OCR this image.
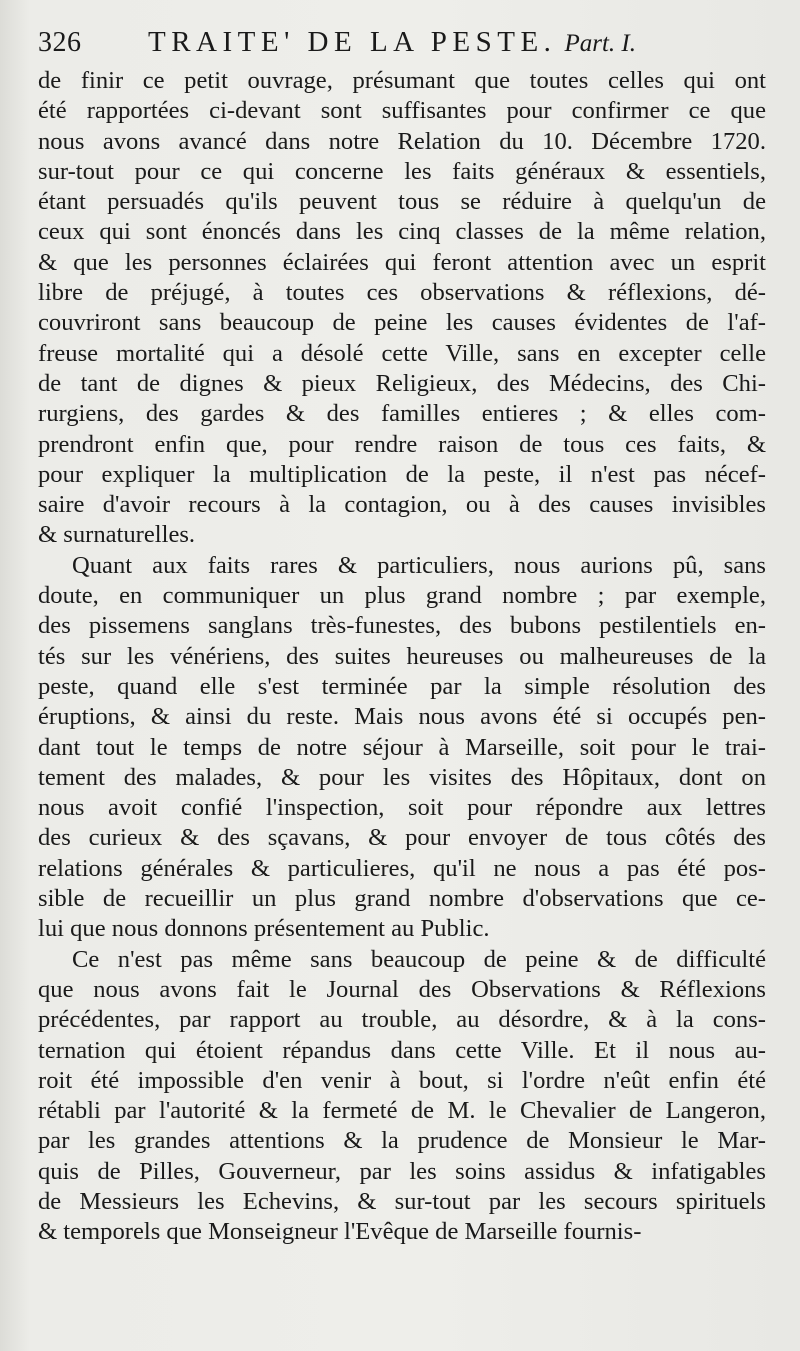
326	TRAITE' DE LA PESTE. Part. I.
de finir ce petit ouvrage, présumant que toutes celles qui ont
été rapportées ci-devant sont suffisantes pour confirmer ce que
nous avons avancé dans notre Relation du 10. Décembre 1720.
sur-tout pour ce qui concerne les faits généraux & essentiels,
étant persuadés qu'ils peuvent tous se réduire à quelqu'un de
ceux qui sont énoncés dans les cinq classes de la même relation,
& que les personnes éclairées qui feront attention avec un esprit
libre de préjugé, à toutes ces observations & réflexions, dé-
couvriront sans beaucoup de peine les causes évidentes de l'af-
freuse mortalité qui a désolé cette Ville, sans en excepter celle
de tant de dignes & pieux Religieux, des Médecins, des Chi-
rurgiens, des gardes & des familles entieres ; & elles com-
prendront enfin que, pour rendre raison de tous ces faits, &
pour expliquer la multiplication de la peste, il n'est pas nécef-
saire d'avoir recours à la contagion, ou à des causes invisibles
& surnaturelles.
Quant aux faits rares & particuliers, nous aurions pû, sans
doute, en communiquer un plus grand nombre ; par exemple,
des pissemens sanglans très-funestes, des bubons pestilentiels en-
tés sur les vénériens, des suites heureuses ou malheureuses de la
peste, quand elle s'est terminée par la simple résolution des
éruptions, & ainsi du reste. Mais nous avons été si occupés pen-
dant tout le temps de notre séjour à Marseille, soit pour le trai-
tement des malades, & pour les visites des Hôpitaux, dont on
nous avoit confié l'inspection, soit pour répondre aux lettres
des curieux & des sçavans, & pour envoyer de tous côtés des
relations générales & particulieres, qu'il ne nous a pas été pos-
sible de recueillir un plus grand nombre d'observations que ce-
lui que nous donnons présentement au Public.
Ce n'est pas même sans beaucoup de peine & de difficulté
que nous avons fait le Journal des Observations & Réflexions
précédentes, par rapport au trouble, au désordre, & à la cons-
ternation qui étoient répandus dans cette Ville. Et il nous au-
roit été impossible d'en venir à bout, si l'ordre n'eût enfin été
rétabli par l'autorité & la fermeté de M. le Chevalier de Langeron,
par les grandes attentions & la prudence de Monsieur le Mar-
quis de Pilles, Gouverneur, par les soins assidus & infatigables
de Messieurs les Echevins, & sur-tout par les secours spirituels
& temporels que Monseigneur l'Evêque de Marseille fournis-
